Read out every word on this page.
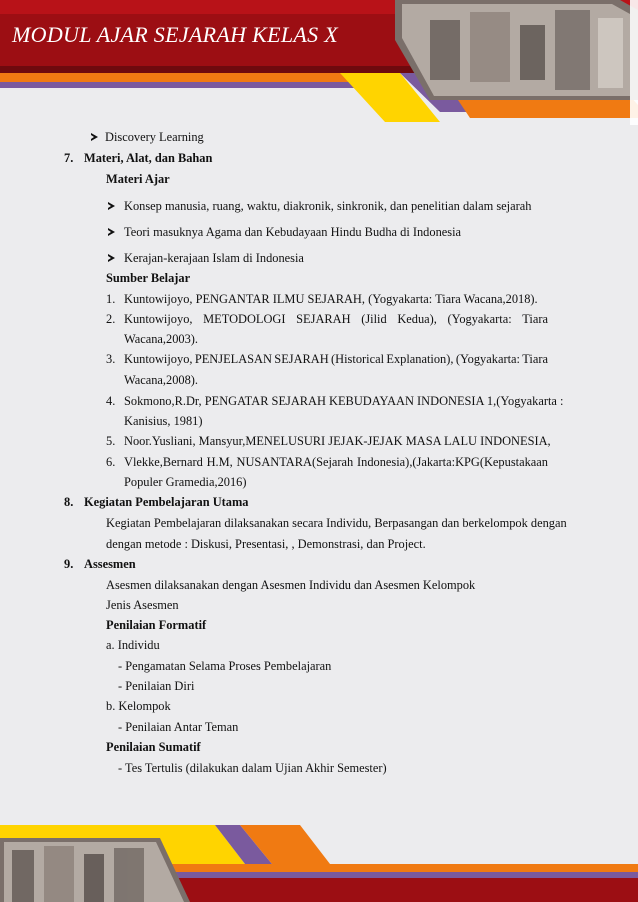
MODUL AJAR SEJARAH KELAS X
Discovery Learning
7. Materi, Alat, dan Bahan
Materi Ajar
Konsep manusia, ruang, waktu, diakronik, sinkronik, dan penelitian dalam sejarah
Teori masuknya Agama dan Kebudayaan Hindu Budha di Indonesia
Kerajan-kerajaan Islam di Indonesia
Sumber Belajar
1. Kuntowijoyo, PENGANTAR ILMU SEJARAH, (Yogyakarta: Tiara Wacana,2018).
2. Kuntowijoyo, METODOLOGI SEJARAH (Jilid Kedua), (Yogyakarta: Tiara
Wacana,2003).
3. Kuntowijoyo, PENJELASAN SEJARAH (Historical Explanation), (Yogyakarta: Tiara
Wacana,2008).
4. Sokmono,R.Dr, PENGATAR SEJARAH KEBUDAYAAN INDONESIA 1,(Yogyakarta :
Kanisius, 1981)
5. Noor.Yusliani, Mansyur,MENELUSURI JEJAK-JEJAK MASA LALU INDONESIA,
6. Vlekke,Bernard H.M, NUSANTARA(Sejarah Indonesia),(Jakarta:KPG(Kepustakaan
Populer Gramedia,2016)
8. Kegiatan Pembelajaran Utama
Kegiatan Pembelajaran dilaksanakan secara Individu, Berpasangan dan berkelompok dengan
dengan metode : Diskusi, Presentasi, , Demonstrasi, dan Project.
9. Assesmen
Asesmen dilaksanakan dengan Asesmen Individu dan Asesmen Kelompok
Jenis Asesmen
Penilaian Formatif
a. Individu
- Pengamatan Selama Proses Pembelajaran
- Penilaian Diri
b. Kelompok
- Penilaian Antar Teman
Penilaian Sumatif
- Tes Tertulis (dilakukan dalam Ujian Akhir Semester)
